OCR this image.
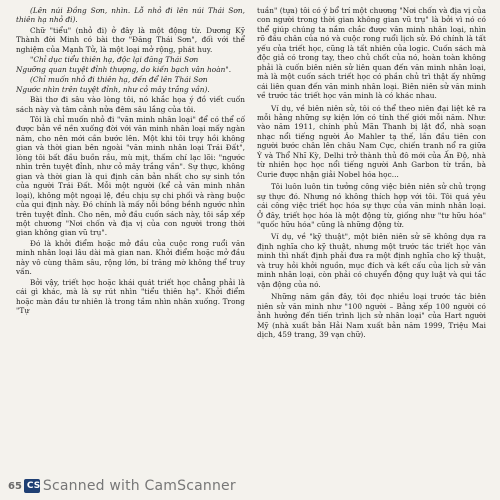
(Lên núi Đồng Sơn, nhìn. Lỗ nhỏ đi lên núi Thái Sơn, thiên hạ nhỏ đi).

Chữ "tiểu" (nhỏ đi) ở đây là một động từ. Dương Kỹ Thành đời Minh có bài thơ "Đăng Thái Sơn", đối với thể nghiệm của Mạnh Tử, là một loại mở rộng, phát huy.

"Chỉ dục tiểu thiên hạ, độc lại đăng Thái Sơn
Ngưỡng quan tuyệt đỉnh thượng, do kiến bạch vân hoàn".

(Chỉ muốn nhỏ đi thiên hạ, đến để lên Thái Sơn
Ngước nhìn trên tuyệt đỉnh, như cỏ mây trắng vần).

Bài thơ đi sâu vào lòng tôi, nó khắc họa ý đồ viết cuốn sách này và tâm cảnh nửa đêm sâu lắng của tôi.

Tôi là chỉ muốn nhỏ đi "văn minh nhân loại" để có thể cố được bản về nền xuống đời với văn minh nhân loại mấy ngàn năm, cho nên mới cần bước lên. Một khi tôi trụy hồi không gian và thời gian bên ngoài "văn minh nhân loại Trái Đất", lòng tôi bất đầu buồn rầu, mù mịt, thấm chí lạc lõi: "ngước nhìn trên tuyệt đỉnh, như cỏ mây trắng vần". Sự thực, không gian và thời gian là qui định căn bản nhất cho sự sinh tồn của người Trái Đất. Mỗi một người (kể cả văn minh nhân loại), không một ngoại lệ, đều chịu sự chi phối và ràng buộc của qui định này. Đó chính là mấy nỗi bồng bềnh ngước nhìn trên tuyệt đỉnh. Cho nên, mở đầu cuốn sách này, tôi sắp xếp một chương "Nơi chốn và địa vị của con người trong thời gian không gian vũ trụ".

Đó là khởi điểm hoặc mở đầu của cuộc rong ruổi văn minh nhân loại lâu dài mà gian nan. Khởi điểm hoặc mở đầu này vô cùng thâm sâu, rộng lớn, bí trăng mờ không thể truy vấn.

Bởi vậy, triết học hoặc khái quát triết học chẳng phải là cái gì khác, mà là sự rút nhìn "tiểu thiên hạ". Khởi điểm hoặc màn đầu tư nhiên là trong tầm nhìn nhân xuống. Trong "Tự

tuần" (tựa) tôi có ý bổ trí một chương "Nơi chốn và địa vị của con người trong thời gian không gian vũ trụ" là bởi vì nó có thể giúp chúng ta nắm chắc được văn minh nhân loại, nhìn rõ đầu chân của nó và cuộc rong ruổi lịch sử. Đó chính là tất yếu của triết học, cũng là tất nhiên của logic. Cuốn sách mà độc giả có trong tay, theo chủ chốt của nó, hoàn toàn không phải là cuốn biên niên sử liên quan đến văn minh nhân loại, mà là một cuốn sách triết học có phần chủ trì thật ấy những cái liên quan đến văn minh nhân loại. Biên niên sử văn minh về trước tác triết học văn minh là có khác nhau.

Ví dụ, về biên niên sử, tôi có thể theo niên đại liệt kê ra mỗi hằng những sự kiện lớn có tính thế giới mỗi năm. Như: vào năm 1911, chính phủ Mãn Thanh bị lật đổ, nhà soạn nhạc nổi tiếng người Áo Mahler tạ thế, lần đầu tiên con người bước chân lên châu Nam Cực, chiến tranh nổ ra giữa Ý và Thổ Nhĩ Kỳ, Delhi trở thành thủ đô mới của Ấn Độ, nhà từ nhiên học học nổi tiếng người Anh Garbon từ trần, bà Curie được nhận giải Nobel hóa học...

Tôi luôn luôn tin tưởng công việc biên niên sử chủ trọng sự thực đó. Nhưng nó không thích hợp với tôi. Tôi quá yêu cái công việc triết học hóa sự thực của văn minh nhân loại. Ở đây, triết học hóa là một động từ, giống như "tư hữu hóa" "quốc hữu hóa" cũng là những động từ.

Ví dụ, về "kỹ thuật", một biên niên sử sẽ không dựa ra định nghĩa cho kỹ thuật, nhưng một trước tác triết học văn minh thì nhất định phải đưa ra một định nghĩa cho kỹ thuật, và truy hỏi khởi nguồn, mục đích và kết cấu của lịch sử văn minh nhân loại, còn phải có chuyển động quy luật và qui tắc vận động của nó.

Những năm gần đây, tôi đọc nhiều loại trước tác biên niên sử văn minh như "100 người – Bảng xếp 100 người có ảnh hưởng đến tiến trình lịch sử nhân loại" của Hart người Mỹ (nhà xuất bản Hải Nam xuất bản năm 1999, Triệu Mai dịch, 459 trang, 39 vạn chữ).

65 CS Scanned with CamScanner
